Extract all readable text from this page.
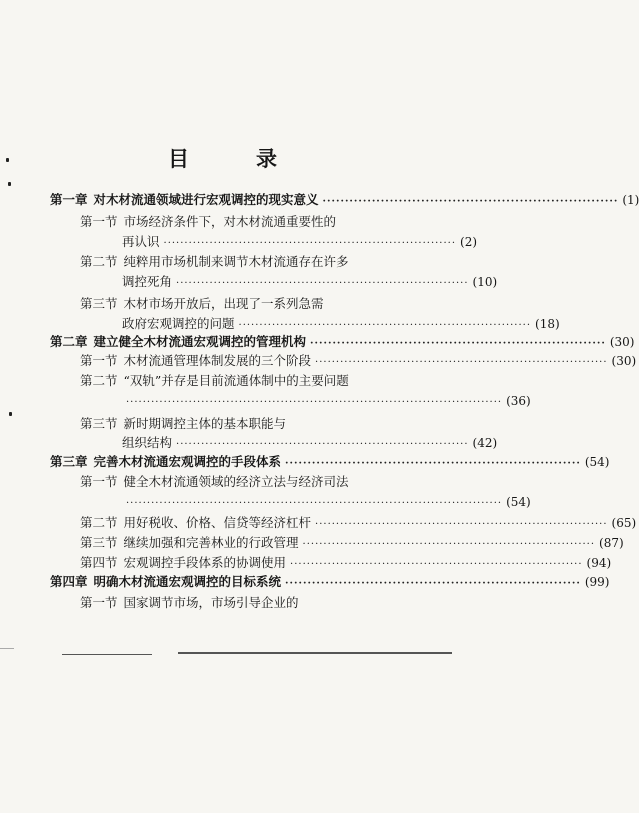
目	录
第一章 对木材流通领域进行宏观调控的现实意义 ·································································· (1)
第一节 市场经济条件下，对木材流通重要性的
再认识 ······································································ (2)
第二节 纯粹用市场机制来调节木材流通存在许多
调控死角 ······································································ (10)
第三节 木材市场开放后，出现了一系列急需
政府宏观调控的问题 ······································································ (18)
第二章 建立健全木材流通宏观调控的管理机构 ·································································· (30)
第一节 木材流通管理体制发展的三个阶段 ······································································ (30)
第二节 “双轨”并存是目前流通体制中的主要问题
·························································································· (36)
第三节 新时期调控主体的基本职能与
组织结构 ······································································ (42)
第三章 完善木材流通宏观调控的手段体系 ·································································· (54)
第一节 健全木材流通领域的经济立法与经济司法
·························································································· (54)
第二节 用好税收、价格、信贷等经济杠杆 ······································································ (65)
第三节 继续加强和完善林业的行政管理 ······································································ (87)
第四节 宏观调控手段体系的协调使用 ······································································ (94)
第四章 明确木材流通宏观调控的目标系统 ·································································· (99)
第一节 国家调节市场，市场引导企业的
